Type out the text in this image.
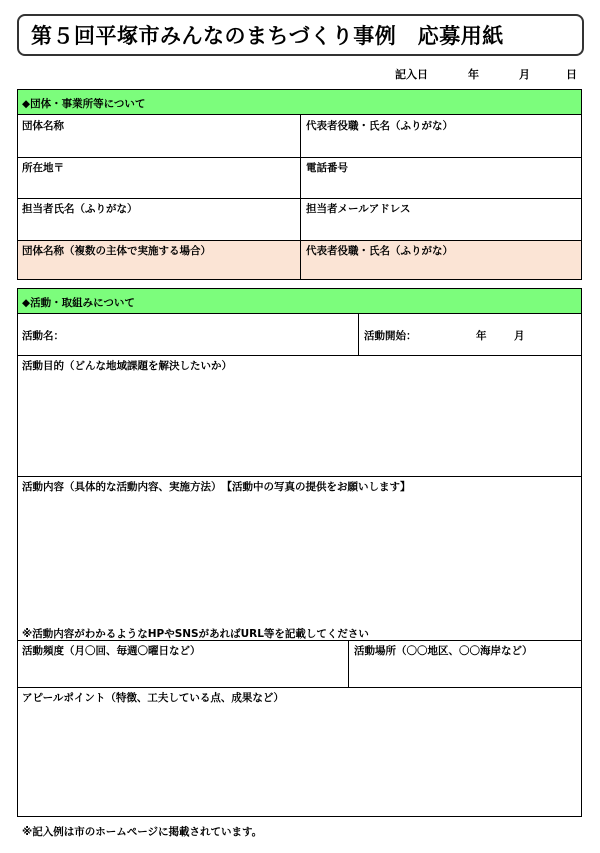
第５回平塚市みんなのまちづくり事例　応募用紙
記入日	年	月	日
◆団体・事業所等について
団体名称	代表者役職・氏名（ふりがな）
所在地〒	電話番号
担当者氏名（ふりがな）	担当者メールアドレス
団体名称（複数の主体で実施する場合）	代表者役職・氏名（ふりがな）
◆活動・取組みについて
活動名：	活動開始：	年	月
活動目的（どんな地域課題を解決したいか）
活動内容（具体的な活動内容、実施方法）　【活動中の写真の提供をお願いします】
※活動内容がわかるようなHPやSNSがあればURL等を記載してください
活動頻度（月〇回、毎週〇曜日など）	活動場所（〇〇地区、〇〇海岸など）
アピールポイント（特徴、工夫している点、成果など）
※記入例は市のホームページに掲載されています。
